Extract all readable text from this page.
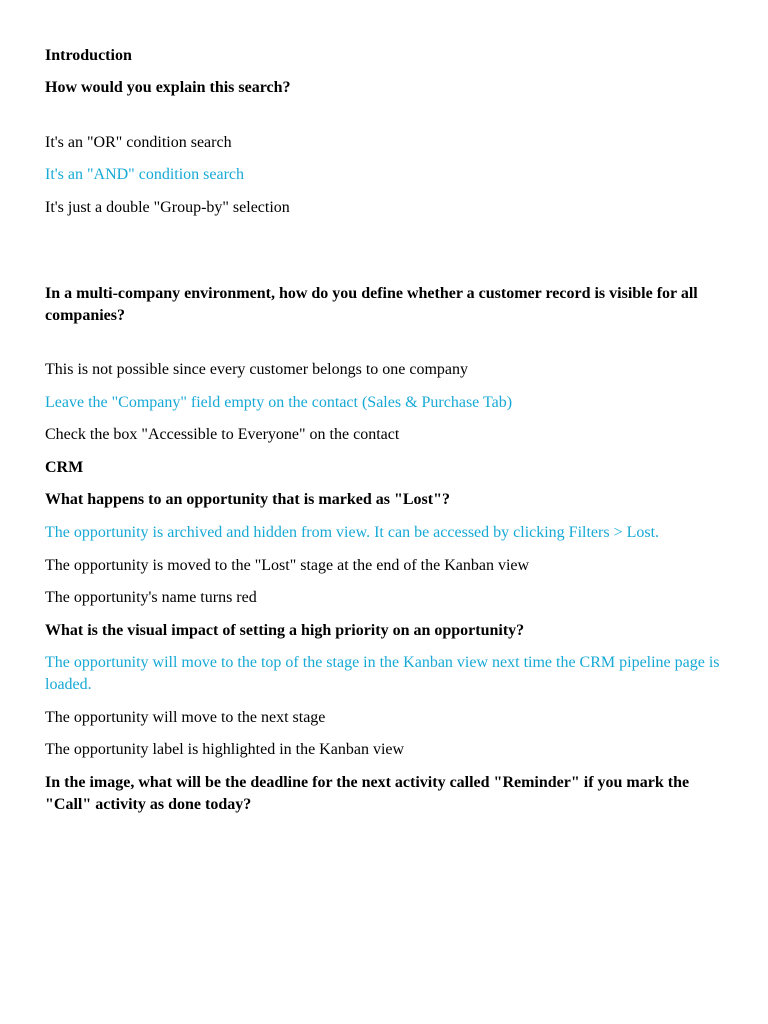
Introduction

How would you explain this search?

It's an "OR" condition search

It's an "AND" condition search

It's just a double "Group-by" selection

In a multi-company environment, how do you define whether a customer record is visible for all companies?

This is not possible since every customer belongs to one company

Leave the "Company" field empty on the contact (Sales & Purchase Tab)

Check the box "Accessible to Everyone" on the contact

CRM

What happens to an opportunity that is marked as "Lost"?

The opportunity is archived and hidden from view. It can be accessed by clicking Filters > Lost.

The opportunity is moved to the "Lost" stage at the end of the Kanban view

The opportunity's name turns red

What is the visual impact of setting a high priority on an opportunity?

The opportunity will move to the top of the stage in the Kanban view next time the CRM pipeline page is loaded.

The opportunity will move to the next stage

The opportunity label is highlighted in the Kanban view

In the image, what will be the deadline for the next activity called "Reminder" if you mark the "Call" activity as done today?
